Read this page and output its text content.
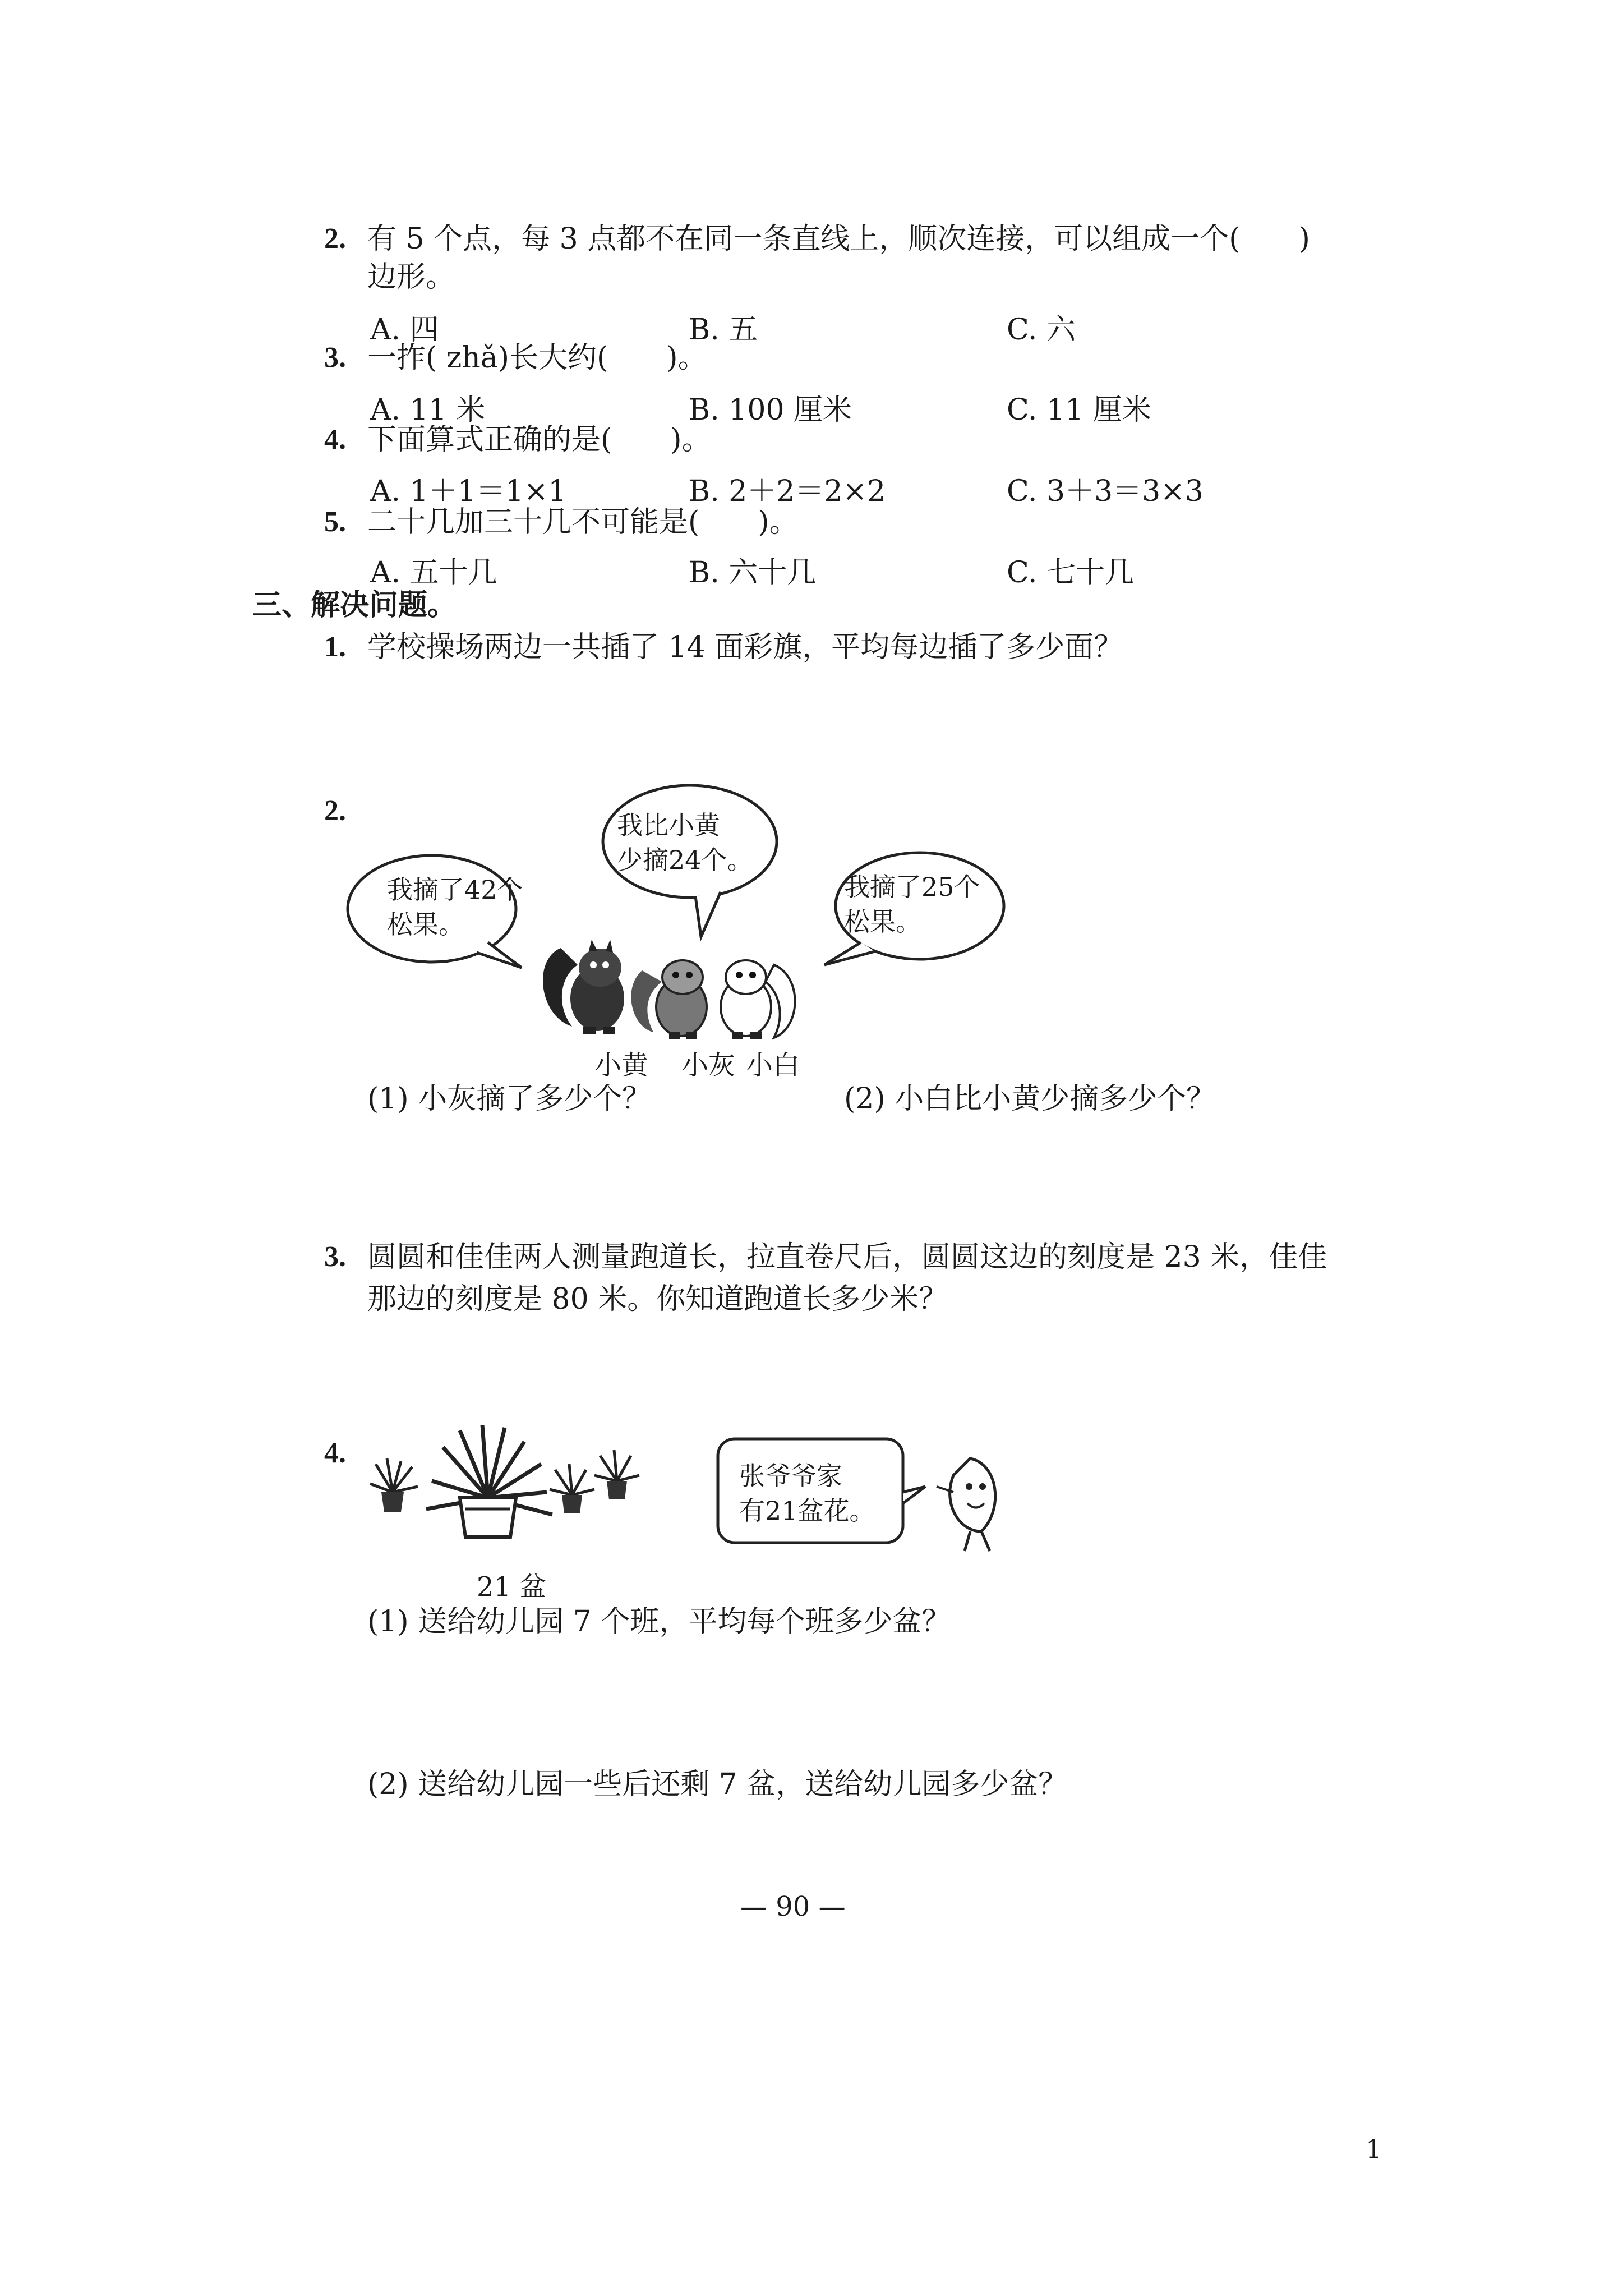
2. 有 5 个点，每 3 点都不在同一条直线上，顺次连接，可以组成一个(　　)
边形。
A. 四	B. 五	C. 六
3. 一拃( zhǎ)长大约(　　)。
A. 11 米	B. 100 厘米	C. 11 厘米
4. 下面算式正确的是(　　)。
A. 1＋1＝1×1	B. 2＋2＝2×2	C. 3＋3＝3×3
5. 二十几加三十几不可能是(　　)。
A. 五十几	B. 六十几	C. 七十几
三、解决问题。
1. 学校操场两边一共插了 14 面彩旗，平均每边插了多少面？
2.
我摘了42个
松果。
我比小黄
少摘24个。
我摘了25个
松果。
小黄 小灰 小白
(1) 小灰摘了多少个？	(2) 小白比小黄少摘多少个？
3. 圆圆和佳佳两人测量跑道长，拉直卷尺后，圆圆这边的刻度是 23 米，佳佳
那边的刻度是 80 米。你知道跑道长多少米？
4.
张爷爷家
有21盆花。
21 盆
(1) 送给幼儿园 7 个班，平均每个班多少盆？
(2) 送给幼儿园一些后还剩 7 盆，送给幼儿园多少盆？
— 90 —
1
